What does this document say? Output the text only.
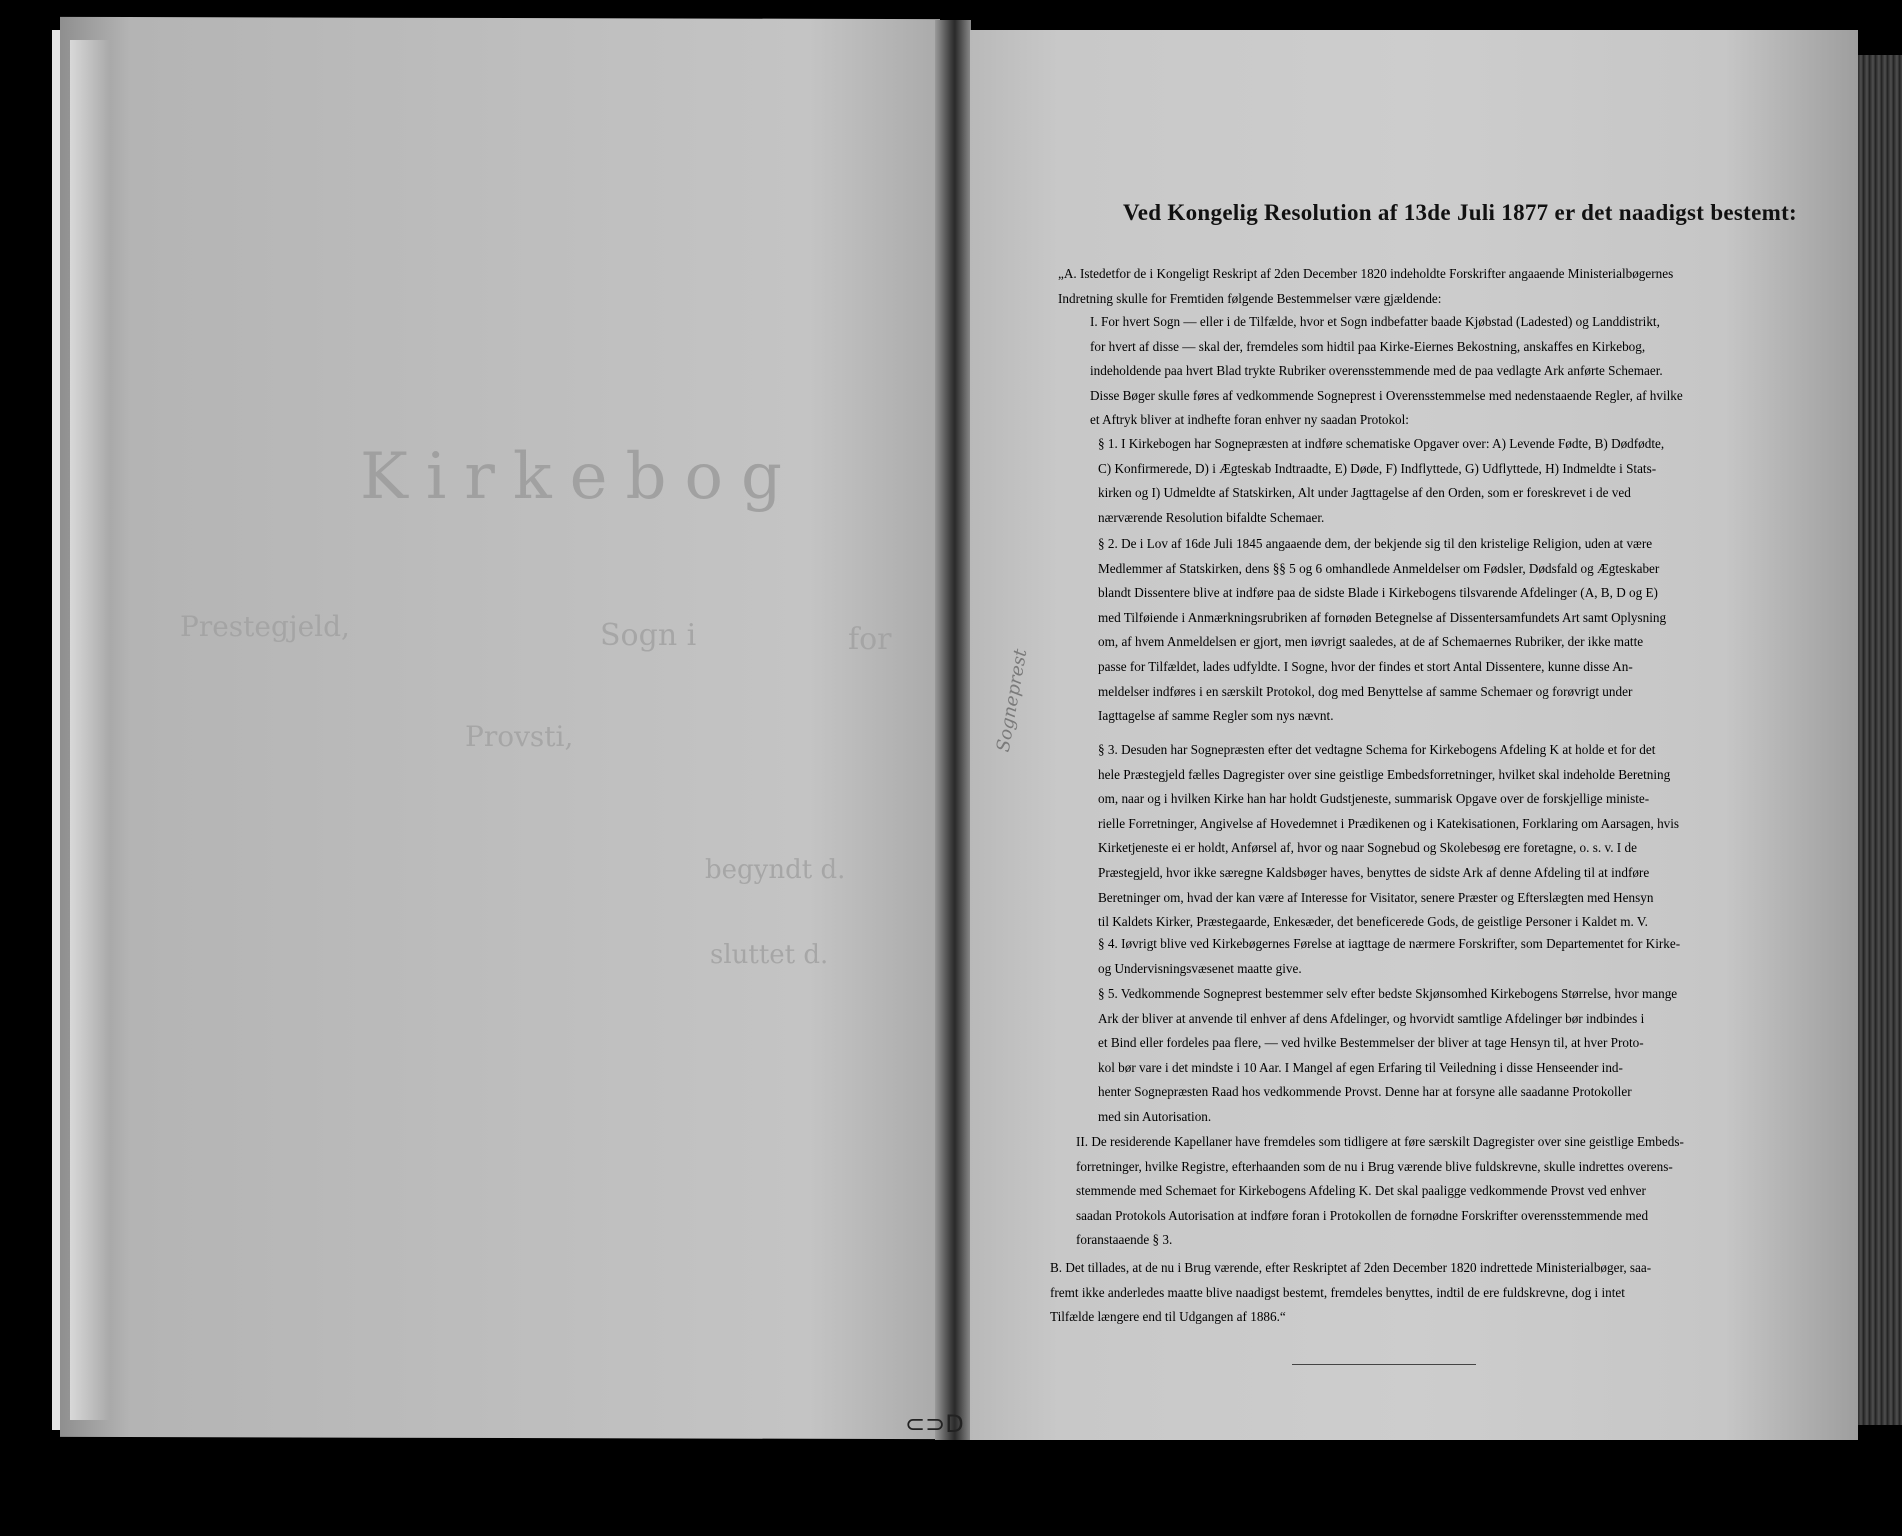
Kirkebog
Prestegjeld,	Sogn i	for
Provsti,
begyndt d.
sluttet d.
Sogneprest
Ved Kongelig Resolution af 13de Juli 1877 er det naadigst bestemt:
„A. Istedetfor de i Kongeligt Reskript af 2den December 1820 indeholdte Forskrifter angaaende Ministerialbøgernes
Indretning skulle for Fremtiden følgende Bestemmelser være gjældende:
I. For hvert Sogn — eller i de Tilfælde, hvor et Sogn indbefatter baade Kjøbstad (Ladested) og Landdistrikt,
for hvert af disse — skal der, fremdeles som hidtil paa Kirke-Eiernes Bekostning, anskaffes en Kirkebog,
indeholdende paa hvert Blad trykte Rubriker overensstemmende med de paa vedlagte Ark anførte Schemaer.
Disse Bøger skulle føres af vedkommende Sogneprest i Overensstemmelse med nedenstaaende Regler, af hvilke
et Aftryk bliver at indhefte foran enhver ny saadan Protokol:
§ 1. I Kirkebogen har Sognepræsten at indføre schematiske Opgaver over: A) Levende Fødte, B) Dødfødte,
C) Konfirmerede, D) i Ægteskab Indtraadte, E) Døde, F) Indflyttede, G) Udflyttede, H) Indmeldte i Stats-
kirken og I) Udmeldte af Statskirken, Alt under Jagttagelse af den Orden, som er foreskrevet i de ved
nærværende Resolution bifaldte Schemaer.
§ 2. De i Lov af 16de Juli 1845 angaaende dem, der bekjende sig til den kristelige Religion, uden at være
Medlemmer af Statskirken, dens §§ 5 og 6 omhandlede Anmeldelser om Fødsler, Dødsfald og Ægteskaber
blandt Dissentere blive at indføre paa de sidste Blade i Kirkebogens tilsvarende Afdelinger (A, B, D og E)
med Tilføiende i Anmærkningsrubriken af fornøden Betegnelse af Dissentersamfundets Art samt Oplysning
om, af hvem Anmeldelsen er gjort, men iøvrigt saaledes, at de af Schemaernes Rubriker, der ikke matte
passe for Tilfældet, lades udfyldte. I Sogne, hvor der findes et stort Antal Dissentere, kunne disse An-
meldelser indføres i en særskilt Protokol, dog med Benyttelse af samme Schemaer og forøvrigt under
Iagttagelse af samme Regler som nys nævnt.
§ 3. Desuden har Sognepræsten efter det vedtagne Schema for Kirkebogens Afdeling K at holde et for det
hele Præstegjeld fælles Dagregister over sine geistlige Embedsforretninger, hvilket skal indeholde Beretning
om, naar og i hvilken Kirke han har holdt Gudstjeneste, summarisk Opgave over de forskjellige ministe-
rielle Forretninger, Angivelse af Hovedemnet i Prædikenen og i Katekisationen, Forklaring om Aarsagen, hvis
Kirketjeneste ei er holdt, Anførsel af, hvor og naar Sognebud og Skolebesøg ere foretagne, o. s. v. I de
Præstegjeld, hvor ikke særegne Kaldsbøger haves, benyttes de sidste Ark af denne Afdeling til at indføre
Beretninger om, hvad der kan være af Interesse for Visitator, senere Præster og Efterslægten med Hensyn
til Kaldets Kirker, Præstegaarde, Enkesæder, det beneficerede Gods, de geistlige Personer i Kaldet m. V.
§ 4. Iøvrigt blive ved Kirkebøgernes Førelse at iagttage de nærmere Forskrifter, som Departementet for Kirke-
og Undervisningsvæsenet maatte give.
§ 5. Vedkommende Sogneprest bestemmer selv efter bedste Skjønsomhed Kirkebogens Størrelse, hvor mange
Ark der bliver at anvende til enhver af dens Afdelinger, og hvorvidt samtlige Afdelinger bør indbindes i
et Bind eller fordeles paa flere, — ved hvilke Bestemmelser der bliver at tage Hensyn til, at hver Proto-
kol bør vare i det mindste i 10 Aar. I Mangel af egen Erfaring til Veiledning i disse Henseender ind-
henter Sognepræsten Raad hos vedkommende Provst. Denne har at forsyne alle saadanne Protokoller
med sin Autorisation.
II. De residerende Kapellaner have fremdeles som tidligere at føre særskilt Dagregister over sine geistlige Embeds-
forretninger, hvilke Registre, efterhaanden som de nu i Brug værende blive fuldskrevne, skulle indrettes overens-
stemmende med Schemaet for Kirkebogens Afdeling K. Det skal paaligge vedkommende Provst ved enhver
saadan Protokols Autorisation at indføre foran i Protokollen de fornødne Forskrifter overensstemmende med
foranstaaende § 3.
B. Det tillades, at de nu i Brug værende, efter Reskriptet af 2den December 1820 indrettede Ministerialbøger, saa-
fremt ikke anderledes maatte blive naadigst bestemt, fremdeles benyttes, indtil de ere fuldskrevne, dog i intet
Tilfælde længere end til Udgangen af 1886.“
⊂⊃D
